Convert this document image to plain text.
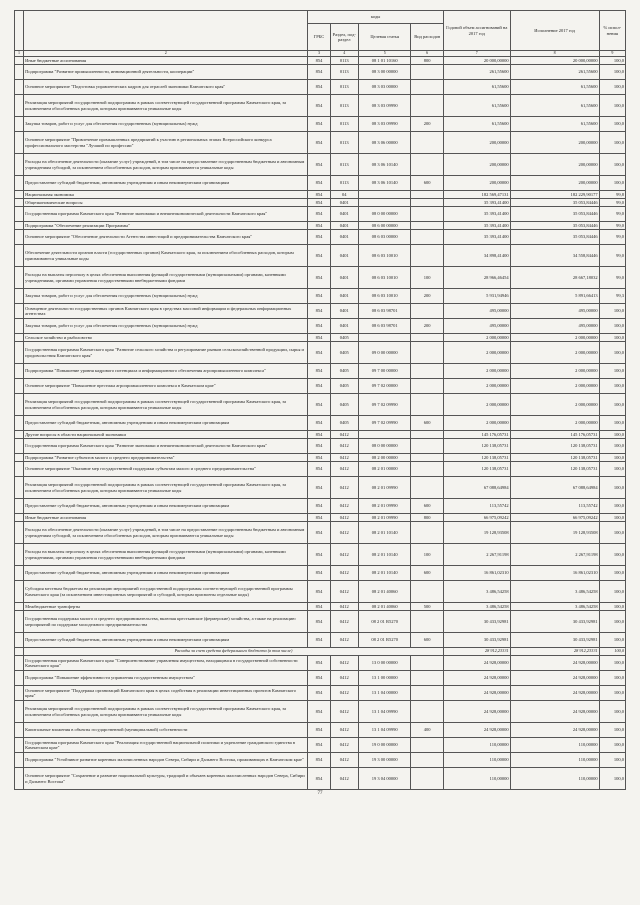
		коды				Годовой объем ассигнований на 2017 год	Исполнение 2017 год	% испол-нения
		ГРБС	Раздел, под-раздел	Целевая статья	Вид расходов			
1	2	3	4	5	6	7	8	9
	Иные бюджетные ассигнования	854	0113	08 1 01 10160	800	20 000,00000	20 000,00000	100,0
	Подпрограмма "Развитие промышленности, инновационной деятельности, кооперации"	854	0113	08 3 00 00000		261,55600	261,55600	100,0
	Основное мероприятие "Подготовка управленческих кадров для отраслей экономики Камчатского края"	854	0113	08 3 03 00000		61,55600	61,55600	100,0
	Реализация мероприятий государственной подпрограммы в рамках соответствующей государственной программы Камчатского края, за исключением обособленных расходов, которым присваиваются уникальные коды	854	0113	08 3 03 09990		61,55600	61,55600	100,0
	Закупка товаров, работ и услуг для обеспечения государственных (муниципальных) нужд	854	0113	08 3 03 09990	200	61,55600	61,55600	100,0
	Основное мероприятие "Привлечение промышленных предприятий к участию в региональных этапах Всероссийского конкурса профессионального мастерства "Лучший по профессии"	854	0113	08 3 06 00000		200,00000	200,00000	100,0
	Расходы на обеспечение деятельности (оказание услуг) учреждений, в том числе на предоставление государственным бюджетным и автономным учреждениям субсидий, за исключением обособленных расходов, которым присваиваются уникальные коды	854	0113	08 3 06 10140		200,00000	200,00000	100,0
	Предоставление субсидий бюджетным, автономным учреждениям и иным некоммерческим организациям	854	0113	08 3 06 10140	600	200,00000	200,00000	100,0
	Национальная экономика	854	04			182 569,47131	182 229,90177	99,8
	Общеэкономические вопросы	854	0401			35 393,41400	35 053,84446	99,0
	Государственная программа Камчатского края "Развитие экономики и внешнеэкономической деятельности Камчатского края"	854	0401	08 0 00 00000		35 393,41400	35 053,84446	99,0
	Подпрограмма "Обеспечение реализации Программы"	854	0401	08 6 00 00000		35 393,41400	35 053,84446	99,0
	Основное мероприятие "Обеспечение деятельности Агентства инвестиций и предпринимательства Камчатского края"	854	0401	08 6 03 00000		35 393,41400	35 053,84446	99,0
	Обеспечение деятельности органов власти (государственных органов) Камчатского края, за исключением обособленных расходов, которым присваиваются уникальные коды	854	0401	08 6 03 10010		34 898,41400	34 558,84446	99,0
	Расходы на выплаты персоналу в целях обеспечения выполнения функций государственными (муниципальными) органами, казенными учреждениями, органами управления государственными внебюджетными фондами	854	0401	08 6 03 10010	100	28 966,46454	28 667,18032	99,0
	Закупка товаров, работ и услуг для обеспечения государственных (муниципальных) нужд	854	0401	08 6 03 10010	200	5 931,94946	5 891,66413	99,3
	Освещение деятельности государственных органов Камчатского края в средствах массовой информации и федеральных информационных агентствах	854	0401	08 6 03 98701		495,00000	495,00000	100,0
	Закупка товаров, работ и услуг для обеспечения государственных (муниципальных) нужд	854	0401	08 6 03 98701	200	495,00000	495,00000	100,0
	Сельское хозяйство и рыболовство	854	0405			2 000,00000	2 000,00000	100,0
	Государственная программа Камчатского края "Развитие сельского хозяйства и регулирование рынков сельскохозяйственной продукции, сырья и продовольствия Камчатского края"	854	0405	09 0 00 00000		2 000,00000	2 000,00000	100,0
	Подпрограмма "Повышение уровня кадрового потенциала и информационного обеспечения агропромышленного комплекса"	854	0405	09 7 00 00000		2 000,00000	2 000,00000	100,0
	Основное мероприятие "Повышение престижа агропромышленного комплекса в Камчатском крае"	854	0405	09 7 02 00000		2 000,00000	2 000,00000	100,0
	Реализация мероприятий государственной подпрограммы в рамках соответствующей государственной программы Камчатского края, за исключением обособленных расходов, которым присваиваются уникальные коды	854	0405	09 7 02 09990		2 000,00000	2 000,00000	100,0
	Предоставление субсидий бюджетным, автономным учреждениям и иным некоммерческим организациям	854	0405	09 7 02 09990	600	2 000,00000	2 000,00000	100,0
	Другие вопросы в области национальной экономики	854	0412			145 176,05731	145 176,05731	100,0
	Государственная программа Камчатского края "Развитие экономики и внешнеэкономической деятельности Камчатского края"	854	0412	08 0 00 00000		120 138,05731	120 138,05731	100,0
	Подпрограмма "Развитие субъектов малого и среднего предпринимательства"	854	0412	08 2 00 00000		120 138,05731	120 138,05731	100,0
	Основное мероприятие "Оказание мер государственной поддержки субъектам малого и среднего предпринимательства"	854	0412	08 2 01 00000		120 138,05731	120 138,05731	100,0
	Реализация мероприятий государственной подпрограммы в рамках соответствующей государственной программы Камчатского края, за исключением обособленных расходов, которым присваиваются уникальные коды	854	0412	08 2 01 09990		67 088,64984	67 088,64984	100,0
	Предоставление субсидий бюджетным, автономным учреждениям и иным некоммерческим организациям	854	0412	08 2 01 09990	600	113,55742	113,55742	100,0
	Иные бюджетные ассигнования	854	0412	08 2 01 09990	800	66 975,09242	66 975,09242	100,0
	Расходы на обеспечение деятельности (оказание услуг) учреждений, в том числе на предоставление государственным бюджетным и автономным учреждениям субсидий, за исключением обособленных расходов, которым присваиваются уникальные коды	854	0412	08 2 01 10140		19 128,93508	19 128,93508	100,0
	Расходы на выплаты персоналу в целях обеспечения выполнения функций государственными (муниципальными) органами, казенными учреждениями, органами управления государственными внебюджетными фондами	854	0412	08 2 01 10140	100	2 267,91198	2 267,91198	100,0
	Предоставление субсидий бюджетным, автономным учреждениям и иным некоммерческим организациям	854	0412	08 2 01 10140	600	16 861,02310	16 861,02310	100,0
	Субсидия местным бюджетам на реализацию мероприятий государственной подпрограммы соответствующей государственной программы Камчатского края (за исключением инвестиционных мероприятий и субсидий, которым присвоены отдельные коды)	854	0412	08 2 01 40060		3 486,54258	3 486,54258	100,0
	Межбюджетные трансферты	854	0412	08 2 01 40060	500	3 486,54258	3 486,54258	100,0
	Государственная поддержка малого и среднего предпринимательства, включая крестьянские (фермерские) хозяйства, а также на реализацию мероприятий по поддержке молодежного предпринимательства	854	0412	08 2 01 R5270		30 433,92981	30 433,92981	100,0
	Предоставление субсидий бюджетным, автономным учреждениям и иным некоммерческим организациям	854	0412	08 2 01 R5270	600	30 433,92981	30 433,92981	100,0
	Расходы за счет средств федерального бюджета (в том числе)					28 912,23331	28 912,23331	100,0
	Государственная программа Камчатского края "Совершенствование управления имуществом, находящимся в государственной собственности Камчатского края"	854	0412	13 0 00 00000		24 928,00000	24 928,00000	100,0
	Подпрограмма "Повышение эффективности управления государственным имуществом"	854	0412	13 1 00 00000		24 928,00000	24 928,00000	100,0
	Основное мероприятие "Поддержка организаций Камчатского края в целях содействия в реализации инвестиционных проектов Камчатского края"	854	0412	13 1 04 00000		24 928,00000	24 928,00000	100,0
	Реализация мероприятий государственной подпрограммы в рамках соответствующей государственной программы Камчатского края, за исключением обособленных расходов, которым присваиваются уникальные коды	854	0412	13 1 04 09990		24 928,00000	24 928,00000	100,0
	Капитальные вложения в объекты государственной (муниципальной) собственности	854	0412	13 1 04 09990	400	24 928,00000	24 928,00000	100,0
	Государственная программа Камчатского края "Реализация государственной национальной политики и укрепление гражданского единства в Камчатском крае"	854	0412	19 0 00 00000		110,00000	110,00000	100,0
	Подпрограмма "Устойчивое развитие коренных малочисленных народов Севера, Сибири и Дальнего Востока, проживающих в Камчатском крае"	854	0412	19 3 00 00000		110,00000	110,00000	100,0
	Основное мероприятие "Сохранение и развитие национальной культуры, традиций и обычаев коренных малочисленных народов Севера, Сибири и Дальнего Востока"	854	0412	19 3 04 00000		110,00000	110,00000	100,0
77
